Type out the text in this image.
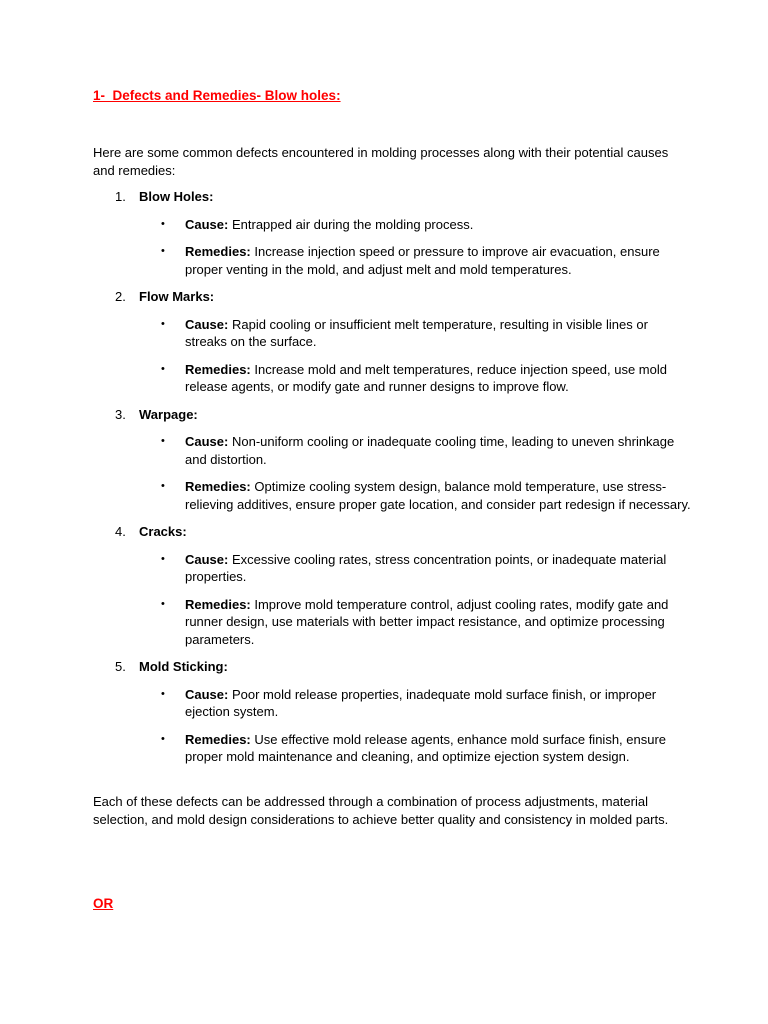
1-  Defects and Remedies- Blow holes:
Here are some common defects encountered in molding processes along with their potential causes and remedies:
1. Blow Holes:
• Cause: Entrapped air during the molding process.
• Remedies: Increase injection speed or pressure to improve air evacuation, ensure proper venting in the mold, and adjust melt and mold temperatures.
2. Flow Marks:
• Cause: Rapid cooling or insufficient melt temperature, resulting in visible lines or streaks on the surface.
• Remedies: Increase mold and melt temperatures, reduce injection speed, use mold release agents, or modify gate and runner designs to improve flow.
3. Warpage:
• Cause: Non-uniform cooling or inadequate cooling time, leading to uneven shrinkage and distortion.
• Remedies: Optimize cooling system design, balance mold temperature, use stress-relieving additives, ensure proper gate location, and consider part redesign if necessary.
4. Cracks:
• Cause: Excessive cooling rates, stress concentration points, or inadequate material properties.
• Remedies: Improve mold temperature control, adjust cooling rates, modify gate and runner design, use materials with better impact resistance, and optimize processing parameters.
5. Mold Sticking:
• Cause: Poor mold release properties, inadequate mold surface finish, or improper ejection system.
• Remedies: Use effective mold release agents, enhance mold surface finish, ensure proper mold maintenance and cleaning, and optimize ejection system design.
Each of these defects can be addressed through a combination of process adjustments, material selection, and mold design considerations to achieve better quality and consistency in molded parts.
OR
